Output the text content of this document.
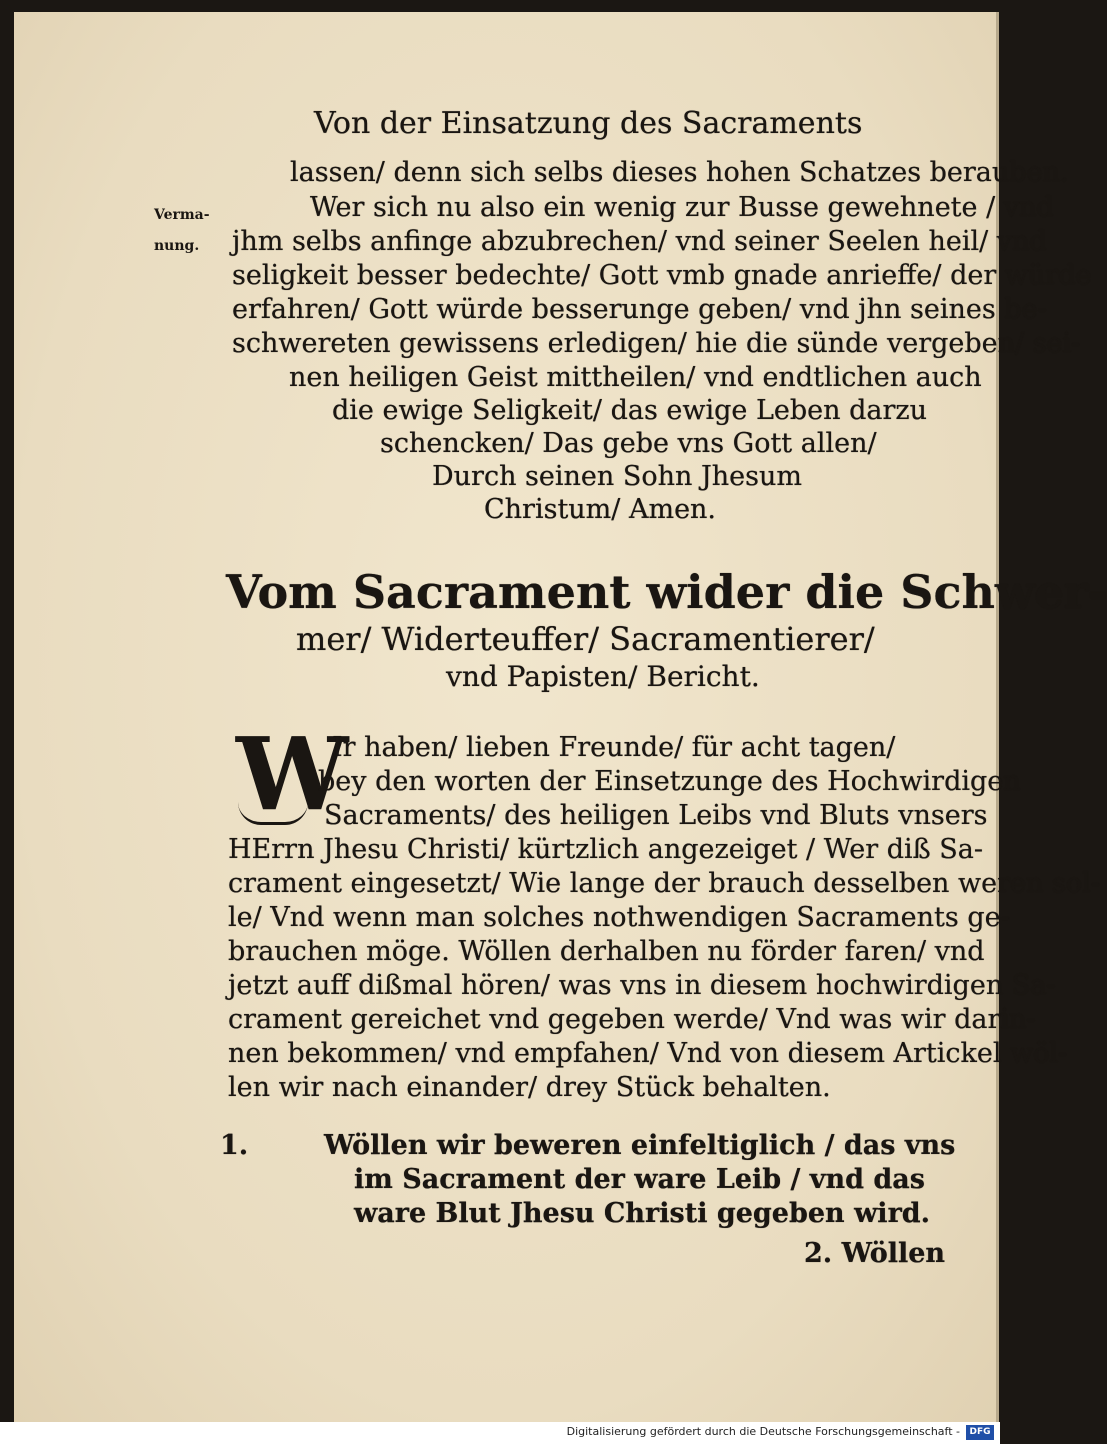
Von der Einsatzung des Sacraments
Verma-
nung.
lassen/ denn sich selbs dieses hohen Schatzes berauben.
Wer sich nu also ein wenig zur Busse gewehnete / vnd
jhm selbs anfinge abzubrechen/ vnd seiner Seelen heil/ vnd
seligkeit besser bedechte/ Gott vmb gnade anrieffe/ der würde
erfahren/ Gott würde besserunge geben/ vnd jhn seines be-
schwereten gewissens erledigen/ hie die sünde vergeben/ sei-
nen heiligen Geist mittheilen/ vnd endtlichen auch
die ewige Seligkeit/ das ewige Leben darzu
schencken/ Das gebe vns Gott allen/
Durch seinen Sohn Jhesum
Christum/ Amen.
Vom Sacrament wider die Schwer-
mer/ Widerteuffer/ Sacramentierer/
vnd Papisten/ Bericht.
W
Ir haben/ lieben Freunde/ für acht tagen/
bey den worten der Einsetzunge des Hochwirdigen
Sacraments/ des heiligen Leibs vnd Bluts vnsers
HErrn Jhesu Christi/ kürtzlich angezeiget / Wer diß Sa-
crament eingesetzt/ Wie lange der brauch desselben weren sol-
le/ Vnd wenn man solches nothwendigen Sacraments ge-
brauchen möge. Wöllen derhalben nu förder faren/ vnd
jetzt auff dißmal hören/ was vns in diesem hochwirdigen Sa-
crament gereichet vnd gegeben werde/ Vnd was wir darin-
nen bekommen/ vnd empfahen/ Vnd von diesem Artickel wöl-
len wir nach einander/ drey Stück behalten.
1.	Wöllen wir beweren einfeltiglich / das vns
im Sacrament der ware Leib / vnd das
ware Blut Jhesu Christi gegeben wird.
2. Wöllen
Digitalisierung gefördert durch die Deutsche Forschungsgemeinschaft -	DFG
